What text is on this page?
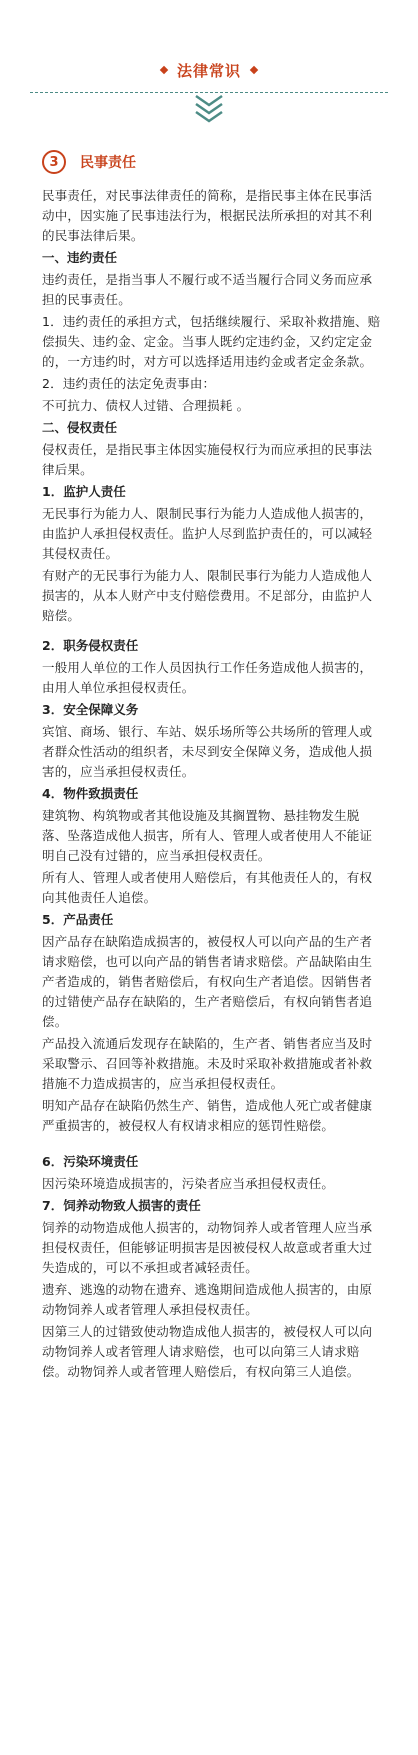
法律常识
3	民事责任
民事责任，对民事法律责任的简称，是指民事主体在民事活动中，因实施了民事违法行为，根据民法所承担的对其不利的民事法律后果。
一、违约责任
违约责任，是指当事人不履行或不适当履行合同义务而应承担的民事责任。
1．违约责任的承担方式，包括继续履行、采取补救措施、赔偿损失、违约金、定金。当事人既约定违约金，又约定定金的，一方违约时，对方可以选择适用违约金或者定金条款。
2．违约责任的法定免责事由：
不可抗力、债权人过错、合理损耗 。
二、侵权责任
侵权责任，是指民事主体因实施侵权行为而应承担的民事法律后果。
1．监护人责任
无民事行为能力人、限制民事行为能力人造成他人损害的，由监护人承担侵权责任。监护人尽到监护责任的，可以减轻其侵权责任。
有财产的无民事行为能力人、限制民事行为能力人造成他人损害的，从本人财产中支付赔偿费用。不足部分，由监护人赔偿。
2．职务侵权责任
一般用人单位的工作人员因执行工作任务造成他人损害的，由用人单位承担侵权责任。
3．安全保障义务
宾馆、商场、银行、车站、娱乐场所等公共场所的管理人或者群众性活动的组织者，未尽到安全保障义务，造成他人损害的，应当承担侵权责任。
4．物件致损责任
建筑物、构筑物或者其他设施及其搁置物、悬挂物发生脱落、坠落造成他人损害，所有人、管理人或者使用人不能证明自己没有过错的，应当承担侵权责任。
所有人、管理人或者使用人赔偿后，有其他责任人的，有权向其他责任人追偿。
5．产品责任
因产品存在缺陷造成损害的，被侵权人可以向产品的生产者请求赔偿，也可以向产品的销售者请求赔偿。产品缺陷由生产者造成的，销售者赔偿后，有权向生产者追偿。因销售者的过错使产品存在缺陷的，生产者赔偿后，有权向销售者追偿。
产品投入流通后发现存在缺陷的，生产者、销售者应当及时采取警示、召回等补救措施。未及时采取补救措施或者补救措施不力造成损害的，应当承担侵权责任。
明知产品存在缺陷仍然生产、销售，造成他人死亡或者健康严重损害的，被侵权人有权请求相应的惩罚性赔偿。
6．污染环境责任
因污染环境造成损害的，污染者应当承担侵权责任。
7．饲养动物致人损害的责任
饲养的动物造成他人损害的，动物饲养人或者管理人应当承担侵权责任，但能够证明损害是因被侵权人故意或者重大过失造成的，可以不承担或者减轻责任。
遗弃、逃逸的动物在遗弃、逃逸期间造成他人损害的，由原动物饲养人或者管理人承担侵权责任。
因第三人的过错致使动物造成他人损害的，被侵权人可以向动物饲养人或者管理人请求赔偿，也可以向第三人请求赔偿。动物饲养人或者管理人赔偿后，有权向第三人追偿。
